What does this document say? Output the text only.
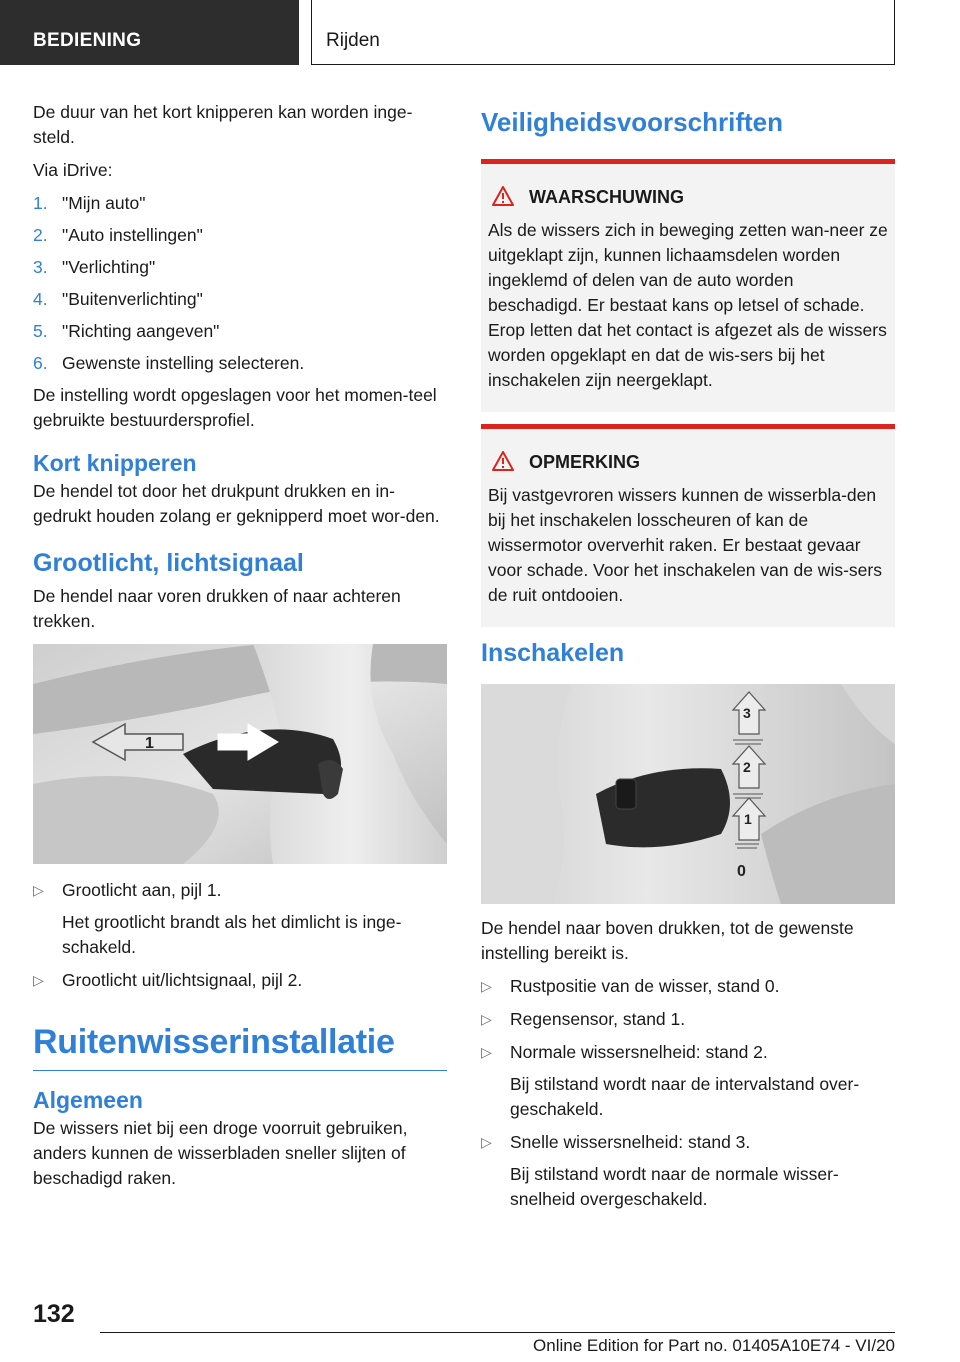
BEDIENING	Rijden

De duur van het kort knipperen kan worden inge-steld.

Via iDrive:

1. "Mijn auto"
2. "Auto instellingen"
3. "Verlichting"
4. "Buitenverlichting"
5. "Richting aangeven"
6. Gewenste instelling selecteren.

De instelling wordt opgeslagen voor het momen-teel gebruikte bestuurdersprofiel.

Kort knipperen

De hendel tot door het drukpunt drukken en in-gedrukt houden zolang er geknipperd moet wor-den.

Grootlicht, lichtsignaal

De hendel naar voren drukken of naar achteren trekken.

1	2
▷ Grootlicht aan, pijl 1.

Het grootlicht brandt als het dimlicht is inge-schakeld.

▷ Grootlicht uit/lichtsignaal, pijl 2.
Ruitenwisserinstallatie
Algemeen

De wissers niet bij een droge voorruit gebruiken, anders kunnen de wisserbladen sneller slijten of beschadigd raken.

Veiligheidsvoorschriften
WAARSCHUWING

Als de wissers zich in beweging zetten wan-neer ze uitgeklapt zijn, kunnen lichaamsdelen worden ingeklemd of delen van de auto worden beschadigd. Er bestaat kans op letsel of schade. Erop letten dat het contact is afgezet als de wissers worden opgeklapt en dat de wis-sers bij het inschakelen zijn neergeklapt.

OPMERKING

Bij vastgevroren wissers kunnen de wisserbla-den bij het inschakelen losscheuren of kan de wissermotor oververhit raken. Er bestaat gevaar voor schade. Voor het inschakelen van de wis-sers de ruit ontdooien.

Inschakelen
3
2
1
0

De hendel naar boven drukken, tot de gewenste instelling bereikt is.

▷ Rustpositie van de wisser, stand 0.
▷ Regensensor, stand 1.
▷ Normale wissersnelheid: stand 2.

Bij stilstand wordt naar de intervalstand over-geschakeld.

▷ Snelle wissersnelheid: stand 3.

Bij stilstand wordt naar de normale wisser-snelheid overgeschakeld.

132
Online Edition for Part no. 01405A10E74 - VI/20
